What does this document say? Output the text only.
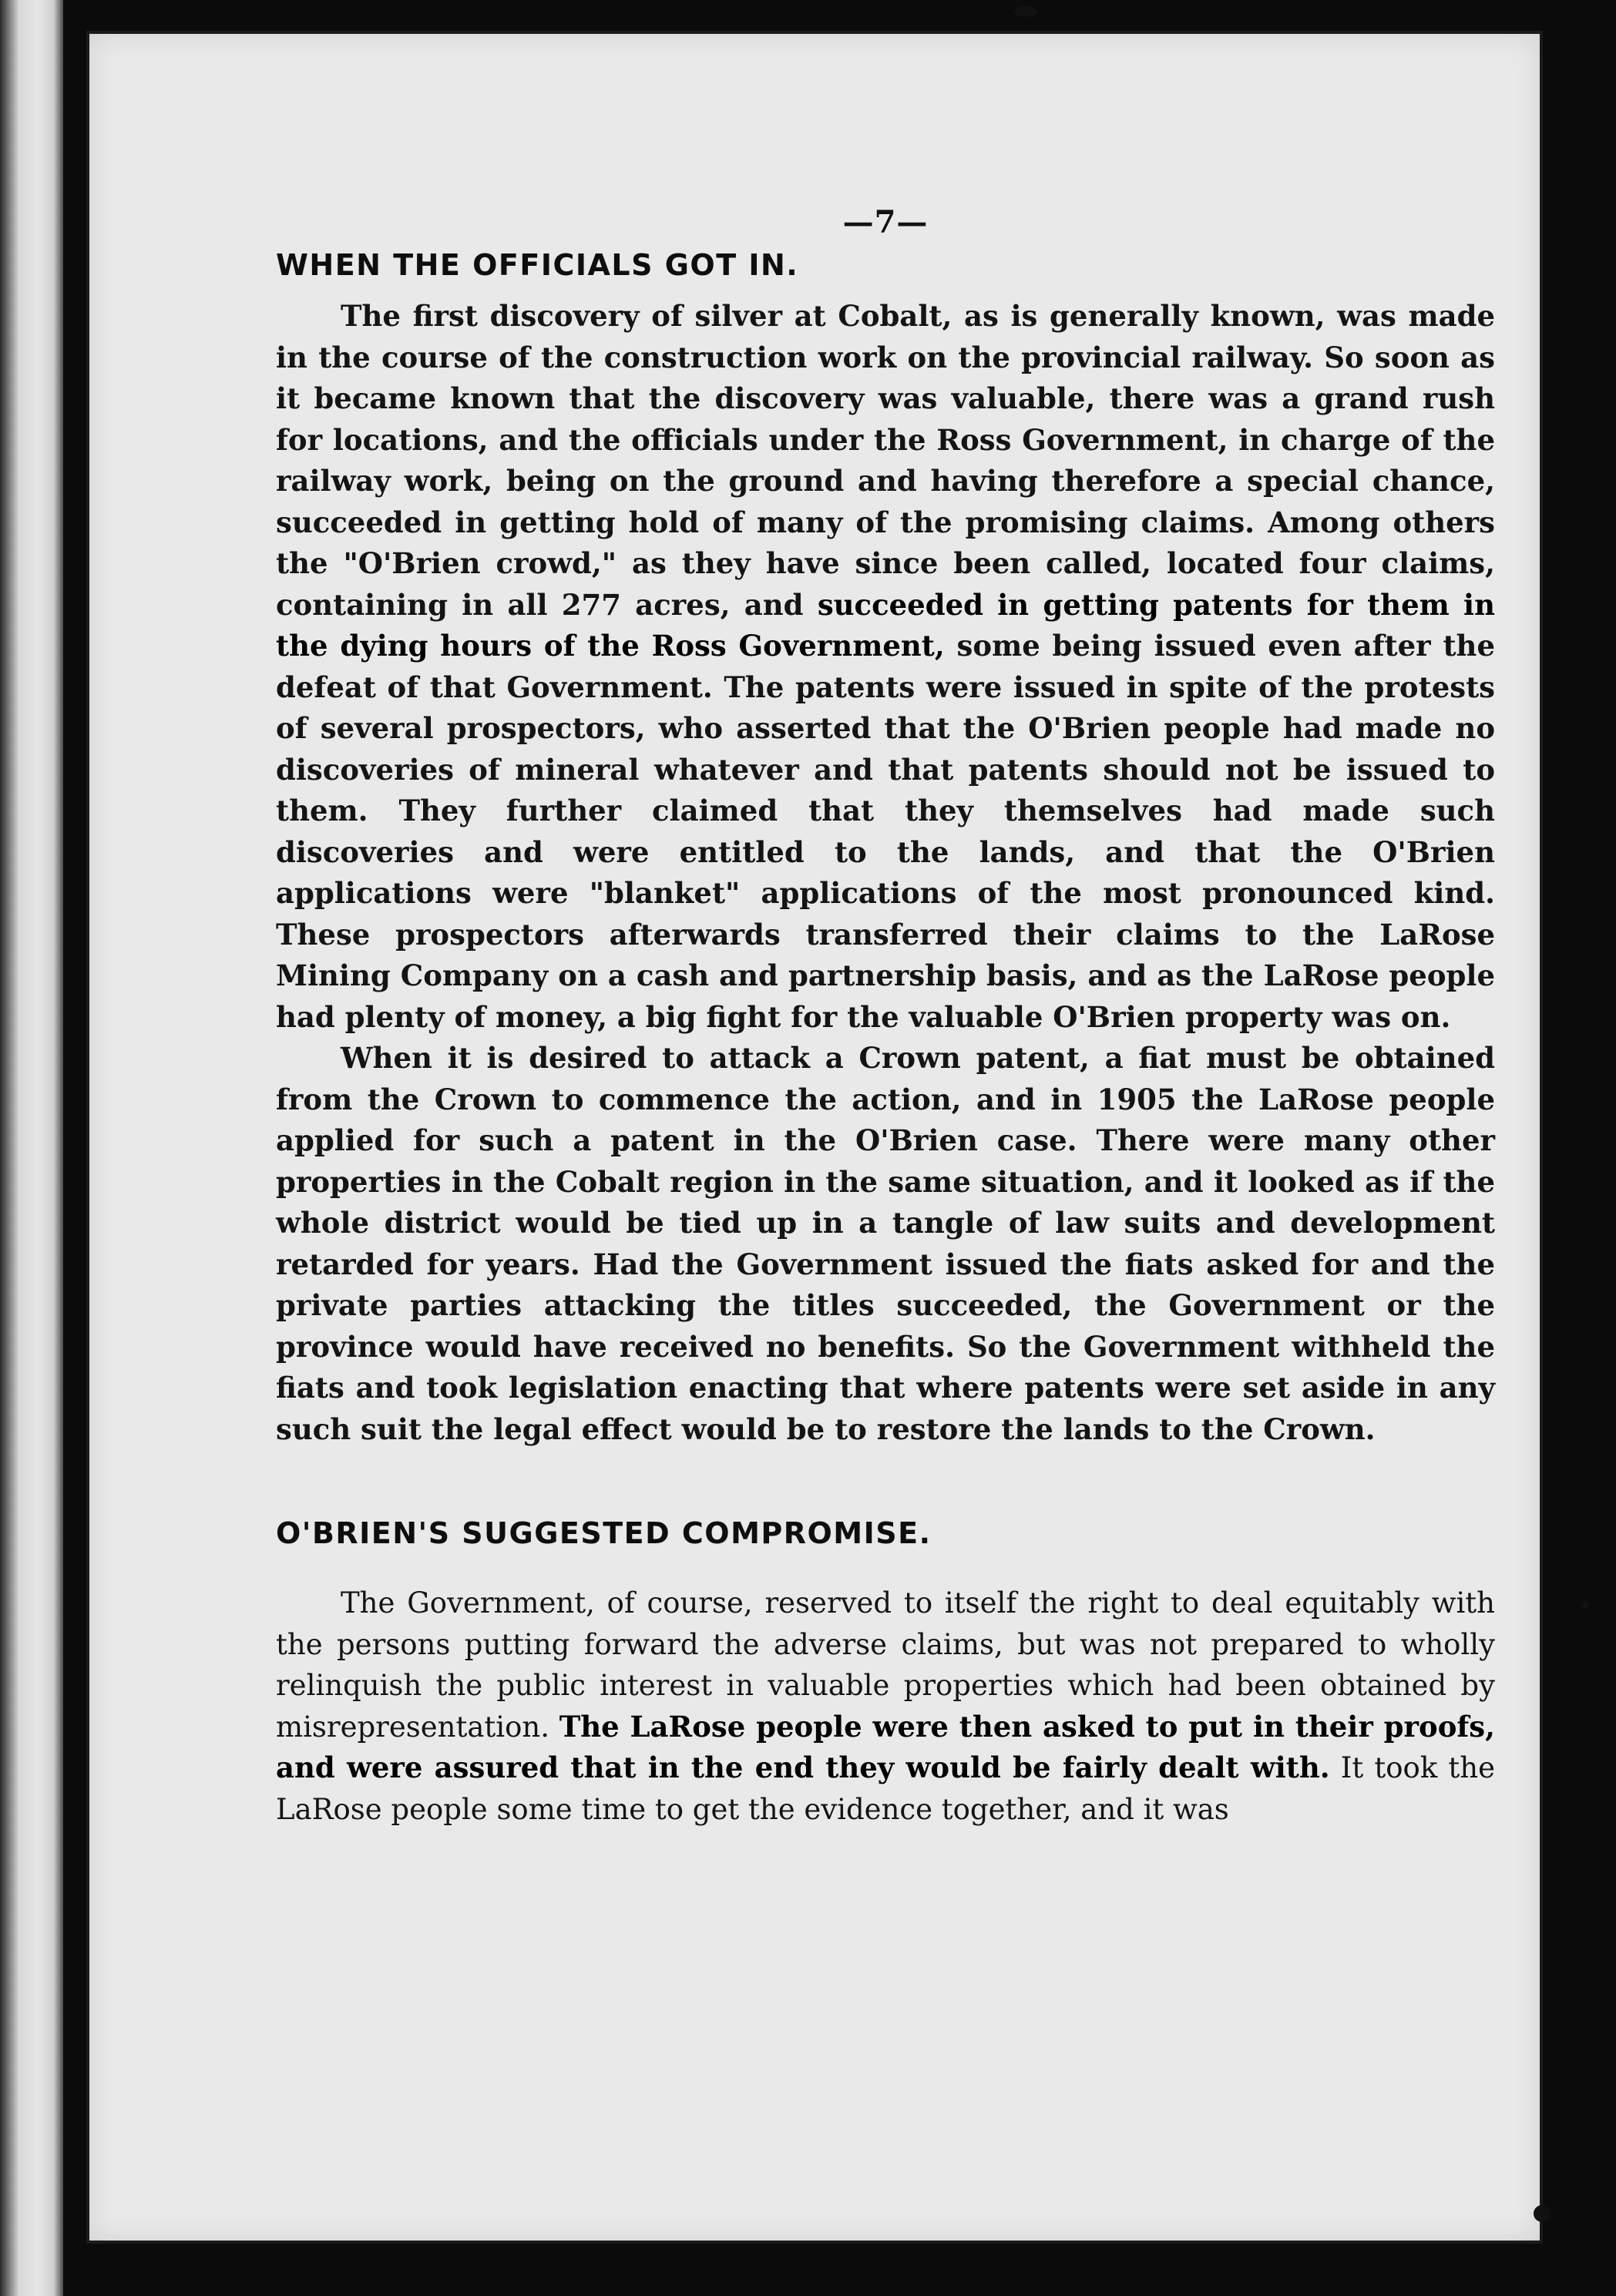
—7—
WHEN THE OFFICIALS GOT IN.

The first discovery of silver at Cobalt, as is generally known, was made in the course of the construction work on the provincial railway. So soon as it became known that the discovery was valuable, there was a grand rush for locations, and the officials under the Ross Government, in charge of the railway work, being on the ground and having therefore a special chance, succeeded in getting hold of many of the promising claims. Among others the "O'Brien crowd," as they have since been called, located four claims, containing in all 277 acres, and succeeded in getting patents for them in the dying hours of the Ross Government, some being issued even after the defeat of that Government. The patents were issued in spite of the protests of several prospectors, who asserted that the O'Brien people had made no discoveries of mineral whatever and that patents should not be issued to them. They further claimed that they themselves had made such discoveries and were entitled to the lands, and that the O'Brien applications were "blanket" applications of the most pronounced kind. These prospectors afterwards transferred their claims to the LaRose Mining Company on a cash and partnership basis, and as the LaRose people had plenty of money, a big fight for the valuable O'Brien property was on.

When it is desired to attack a Crown patent, a fiat must be obtained from the Crown to commence the action, and in 1905 the LaRose people applied for such a patent in the O'Brien case. There were many other properties in the Cobalt region in the same situation, and it looked as if the whole district would be tied up in a tangle of law suits and development retarded for years. Had the Government issued the fiats asked for and the private parties attacking the titles succeeded, the Government or the province would have received no benefits. So the Government withheld the fiats and took legislation enacting that where patents were set aside in any such suit the legal effect would be to restore the lands to the Crown.

O'BRIEN'S SUGGESTED COMPROMISE.

The Government, of course, reserved to itself the right to deal equitably with the persons putting forward the adverse claims, but was not prepared to wholly relinquish the public interest in valuable properties which had been obtained by misrepresentation. The LaRose people were then asked to put in their proofs, and were assured that in the end they would be fairly dealt with. It took the LaRose people some time to get the evidence together, and it was
